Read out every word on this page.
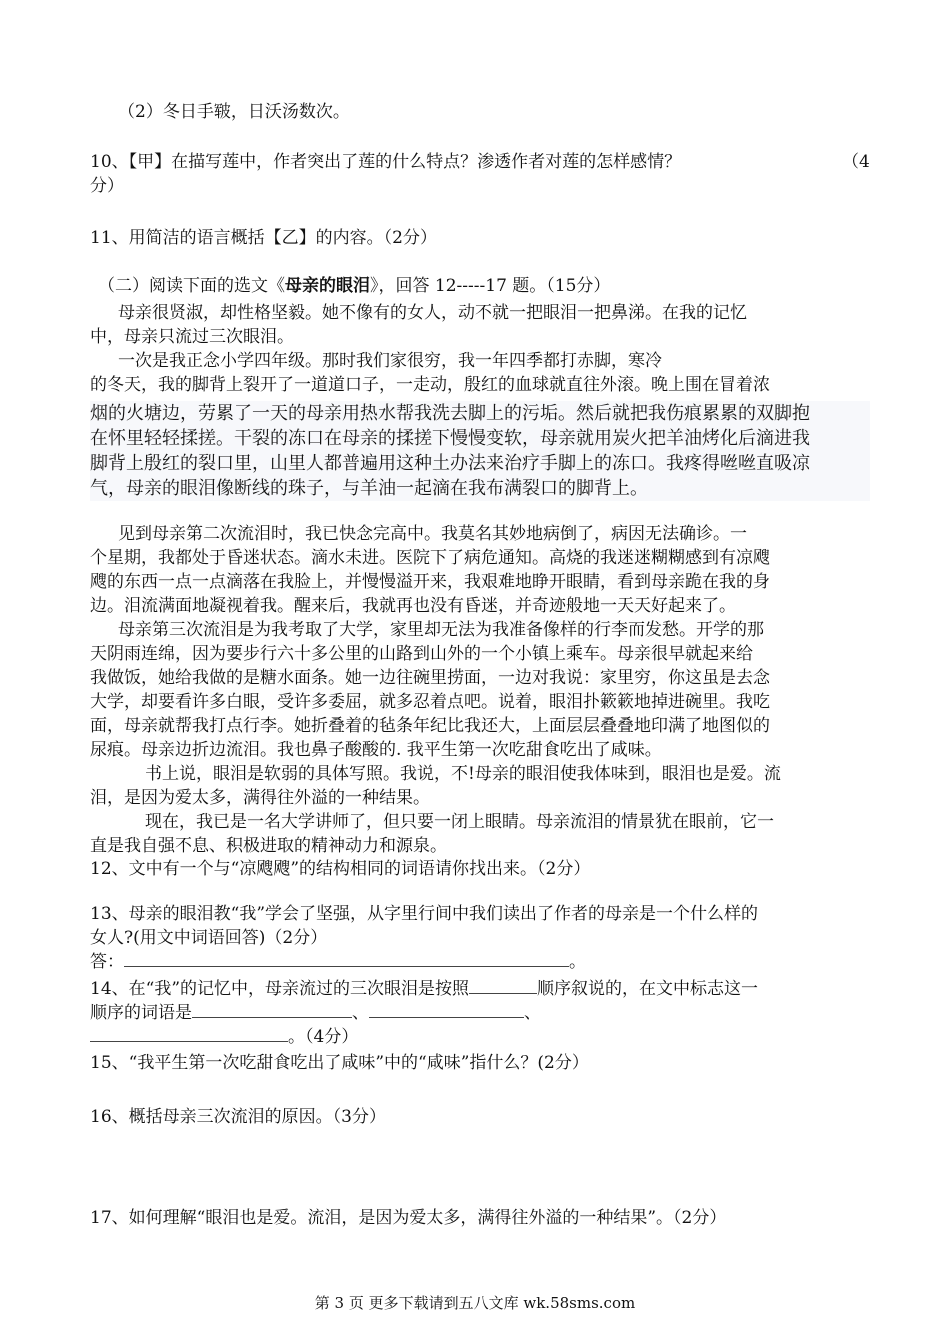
（2）冬日手皲，日沃汤数次。
10、【甲】在描写莲中，作者突出了莲的什么特点？渗透作者对莲的怎样感情？	（4
分）
11、用简洁的语言概括【乙】的内容。（2分）
（二）阅读下面的选文《母亲的眼泪》，回答 12-----17 题。（15分）
母亲很贤淑，却性格坚毅。她不像有的女人，动不就一把眼泪一把鼻涕。在我的记忆
中，母亲只流过三次眼泪。
一次是我正念小学四年级。那时我们家很穷，我一年四季都打赤脚，寒冷
的冬天，我的脚背上裂开了一道道口子，一走动，殷红的血球就直往外滚。晚上围在冒着浓
烟的火塘边，劳累了一天的母亲用热水帮我洗去脚上的污垢。然后就把我伤痕累累的双脚抱
在怀里轻轻揉搓。干裂的冻口在母亲的揉搓下慢慢变软，母亲就用炭火把羊油烤化后滴进我
脚背上殷红的裂口里，山里人都普遍用这种土办法来治疗手脚上的冻口。我疼得咝咝直吸凉
气，母亲的眼泪像断线的珠子，与羊油一起滴在我布满裂口的脚背上。
见到母亲第二次流泪时，我已快念完高中。我莫名其妙地病倒了，病因无法确诊。一
个星期，我都处于昏迷状态。滴水未进。医院下了病危通知。高烧的我迷迷糊糊感到有凉飕
飕的东西一点一点滴落在我脸上，并慢慢溢开来，我艰难地睁开眼睛，看到母亲跪在我的身
边。泪流满面地凝视着我。醒来后，我就再也没有昏迷，并奇迹般地一天天好起来了。
母亲第三次流泪是为我考取了大学，家里却无法为我准备像样的行李而发愁。开学的那
天阴雨连绵，因为要步行六十多公里的山路到山外的一个小镇上乘车。母亲很早就起来给
我做饭，她给我做的是糖水面条。她一边往碗里捞面，一边对我说：家里穷，你这虽是去念
大学，却要看许多白眼，受许多委屈，就多忍着点吧。说着，眼泪扑簌簌地掉进碗里。我吃
面，母亲就帮我打点行李。她折叠着的毡条年纪比我还大，上面层层叠叠地印满了地图似的
尿痕。母亲边折边流泪。我也鼻子酸酸的. 我平生第一次吃甜食吃出了咸味。
书上说，眼泪是软弱的具体写照。我说，不!母亲的眼泪使我体味到，眼泪也是爱。流
泪，是因为爱太多，满得往外溢的一种结果。
现在，我已是一名大学讲师了，但只要一闭上眼睛。母亲流泪的情景犹在眼前，它一
直是我自强不息、积极进取的精神动力和源泉。
12、文中有一个与“凉飕飕”的结构相同的词语请你找出来。（2分）
13、母亲的眼泪教“我”学会了坚强，从字里行间中我们读出了作者的母亲是一个什么样的
女人?(用文中词语回答)（2分）
答：	。
14、在“我”的记忆中，母亲流过的三次眼泪是按照	顺序叙说的，在文中标志这一
顺序的词语是	、	、
。（4分）
15、“我平生第一次吃甜食吃出了咸味”中的“咸味”指什么？(2分）
16、概括母亲三次流泪的原因。（3分）
17、如何理解“眼泪也是爱。流泪，是因为爱太多，满得往外溢的一种结果”。（2分）
第 3 页 更多下载请到五八文库 wk.58sms.com
